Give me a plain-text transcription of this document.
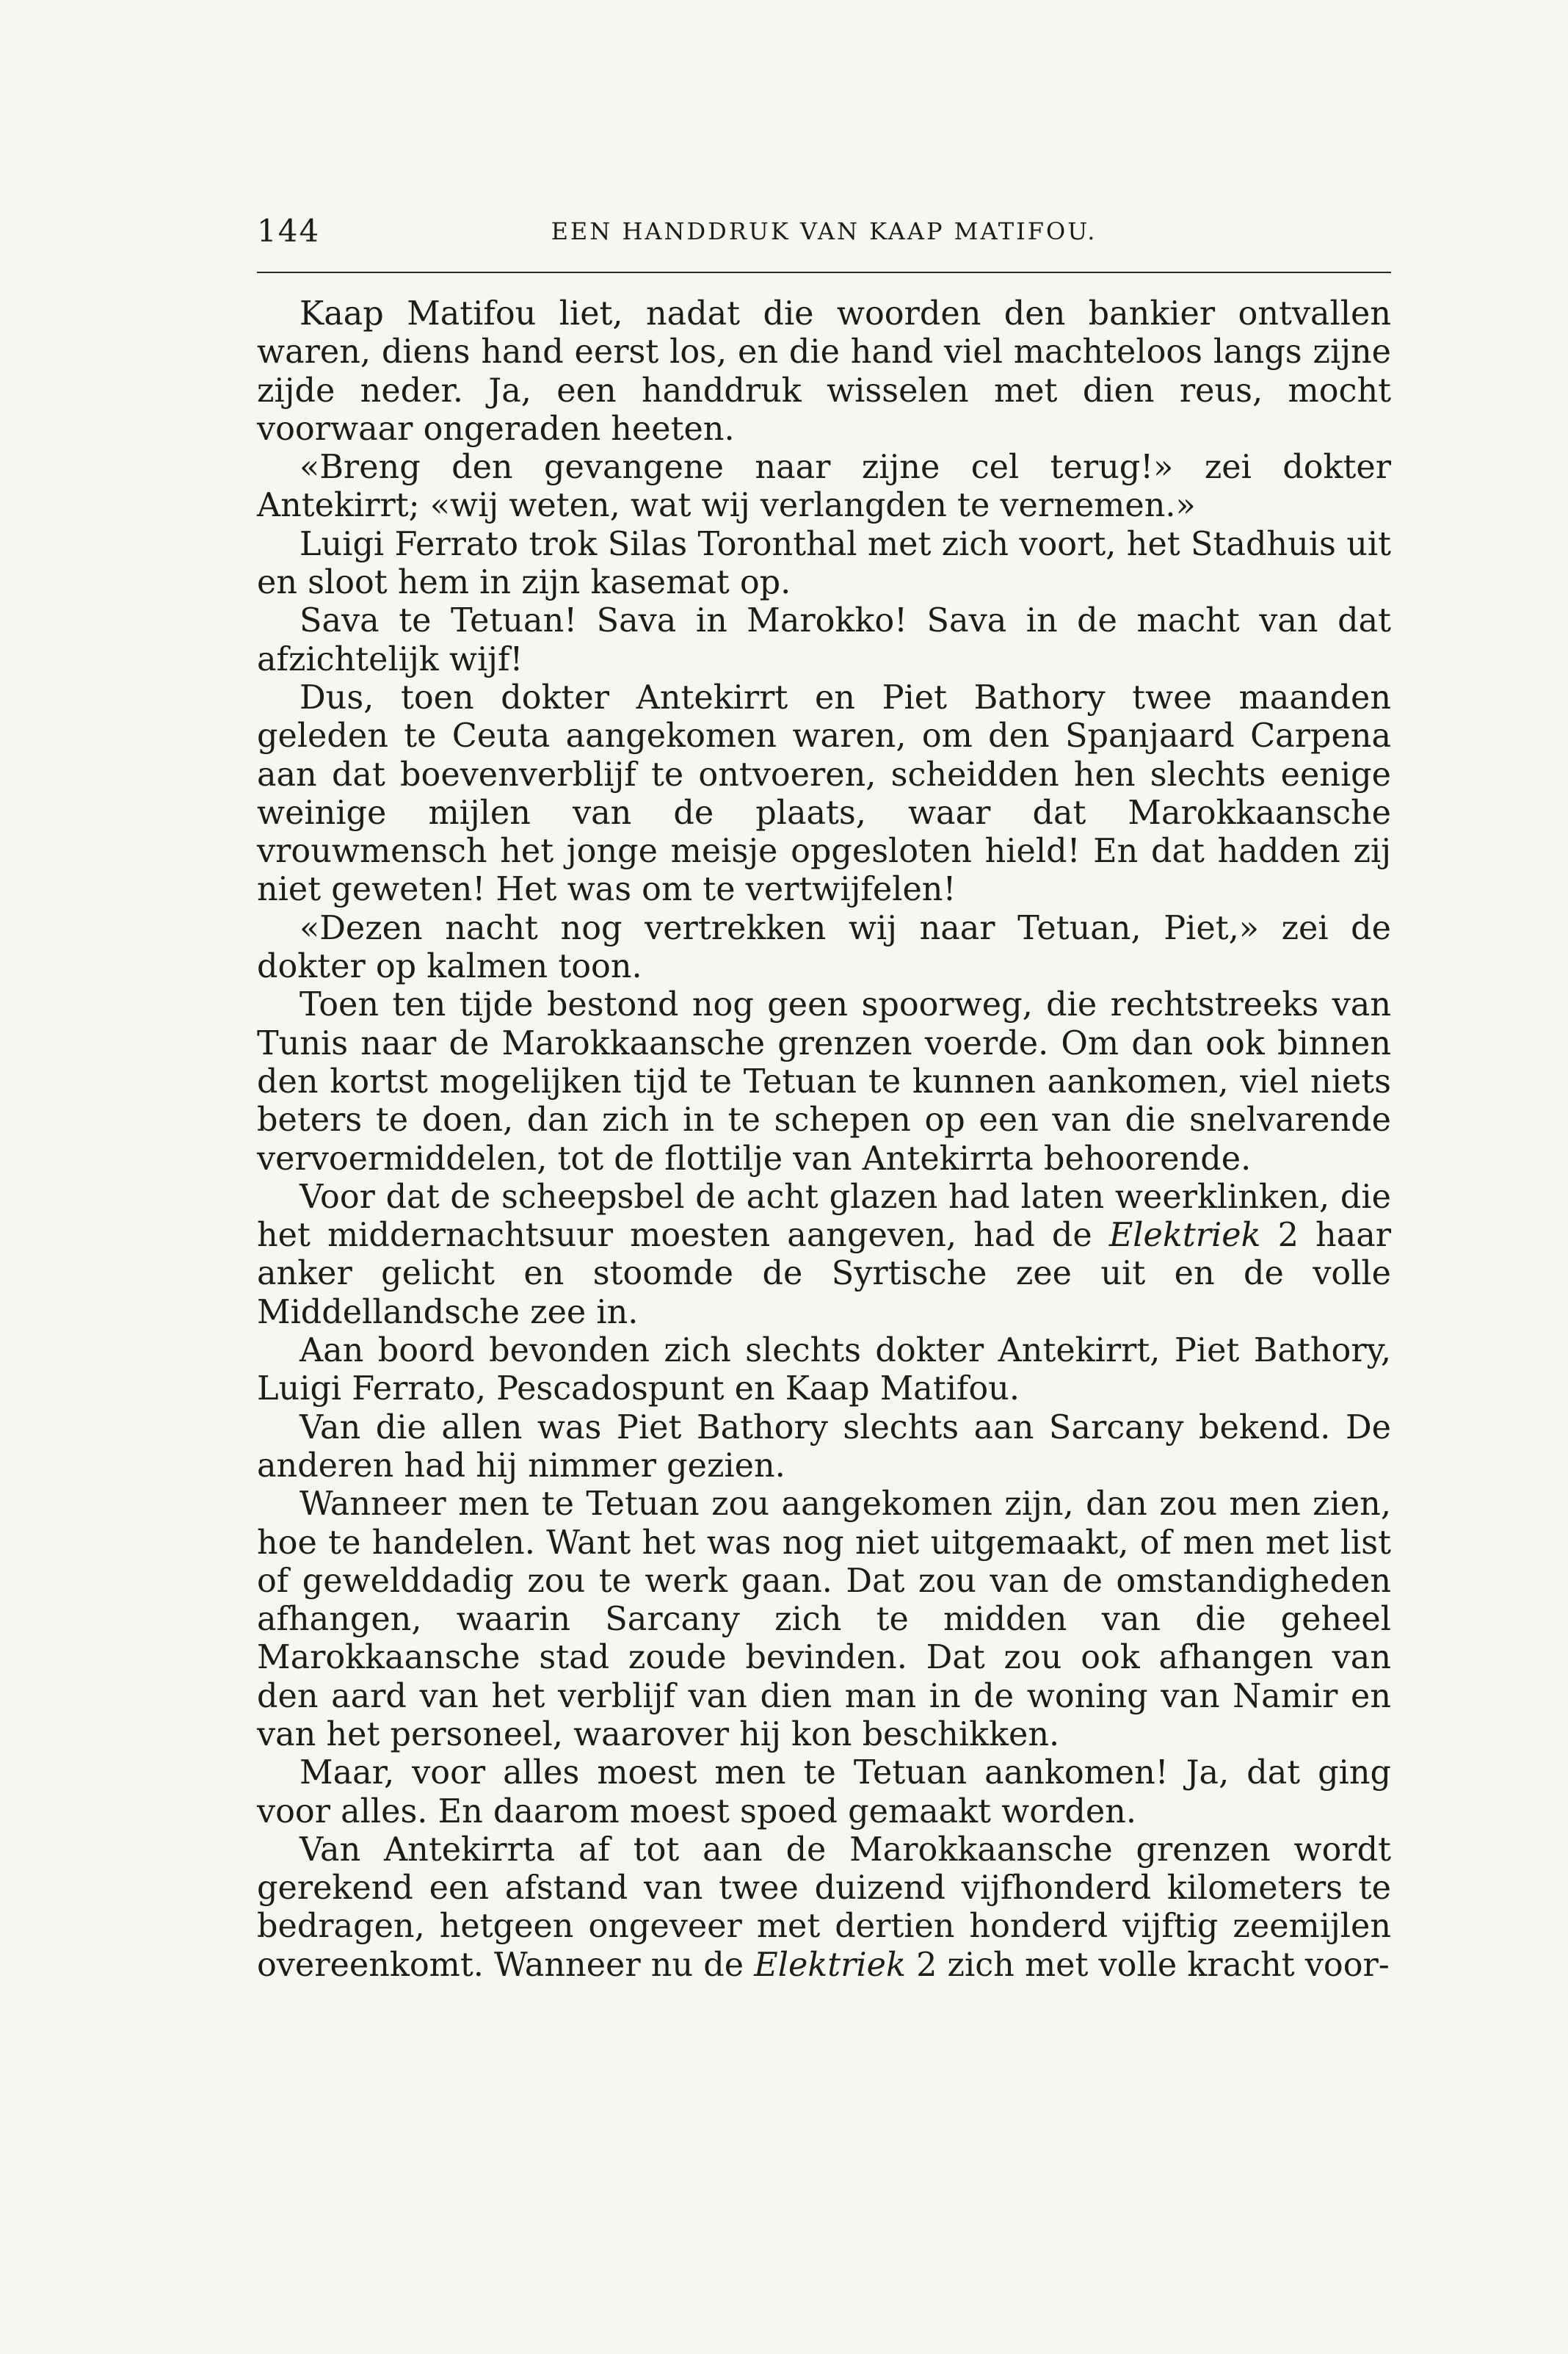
144	EEN HANDDRUK VAN KAAP MATIFOU.

Kaap Matifou liet, nadat die woorden den bankier ontvallen waren, diens hand eerst los, en die hand viel machteloos langs zijne zijde neder. Ja, een handdruk wisselen met dien reus, mocht voorwaar ongeraden heeten.

«Breng den gevangene naar zijne cel terug!» zei dokter Antekirrt; «wij weten, wat wij verlangden te vernemen.»

Luigi Ferrato trok Silas Toronthal met zich voort, het Stadhuis uit en sloot hem in zijn kasemat op.

Sava te Tetuan! Sava in Marokko! Sava in de macht van dat afzichtelijk wijf!

Dus, toen dokter Antekirrt en Piet Bathory twee maanden geleden te Ceuta aangekomen waren, om den Spanjaard Carpena aan dat boevenverblijf te ontvoeren, scheidden hen slechts eenige weinige mijlen van de plaats, waar dat Marokkaansche vrouwmensch het jonge meisje opgesloten hield! En dat hadden zij niet geweten! Het was om te vertwijfelen!

«Dezen nacht nog vertrekken wij naar Tetuan, Piet,» zei de dokter op kalmen toon.

Toen ten tijde bestond nog geen spoorweg, die rechtstreeks van Tunis naar de Marokkaansche grenzen voerde. Om dan ook binnen den kortst mogelijken tijd te Tetuan te kunnen aankomen, viel niets beters te doen, dan zich in te schepen op een van die snelvarende vervoermiddelen, tot de flottilje van Antekirrta behoorende.

Voor dat de scheepsbel de acht glazen had laten weerklinken, die het middernachtsuur moesten aangeven, had de Elektriek 2 haar anker gelicht en stoomde de Syrtische zee uit en de volle Middellandsche zee in.

Aan boord bevonden zich slechts dokter Antekirrt, Piet Bathory, Luigi Ferrato, Pescadospunt en Kaap Matifou.

Van die allen was Piet Bathory slechts aan Sarcany bekend. De anderen had hij nimmer gezien.

Wanneer men te Tetuan zou aangekomen zijn, dan zou men zien, hoe te handelen. Want het was nog niet uitgemaakt, of men met list of gewelddadig zou te werk gaan. Dat zou van de omstandigheden afhangen, waarin Sarcany zich te midden van die geheel Marokkaansche stad zoude bevinden. Dat zou ook afhangen van den aard van het verblijf van dien man in de woning van Namir en van het personeel, waarover hij kon beschikken.

Maar, voor alles moest men te Tetuan aankomen! Ja, dat ging voor alles. En daarom moest spoed gemaakt worden.

Van Antekirrta af tot aan de Marokkaansche grenzen wordt gerekend een afstand van twee duizend vijfhonderd kilometers te bedragen, hetgeen ongeveer met dertien honderd vijftig zeemijlen overeenkomt. Wanneer nu de Elektriek 2 zich met volle kracht voor-
